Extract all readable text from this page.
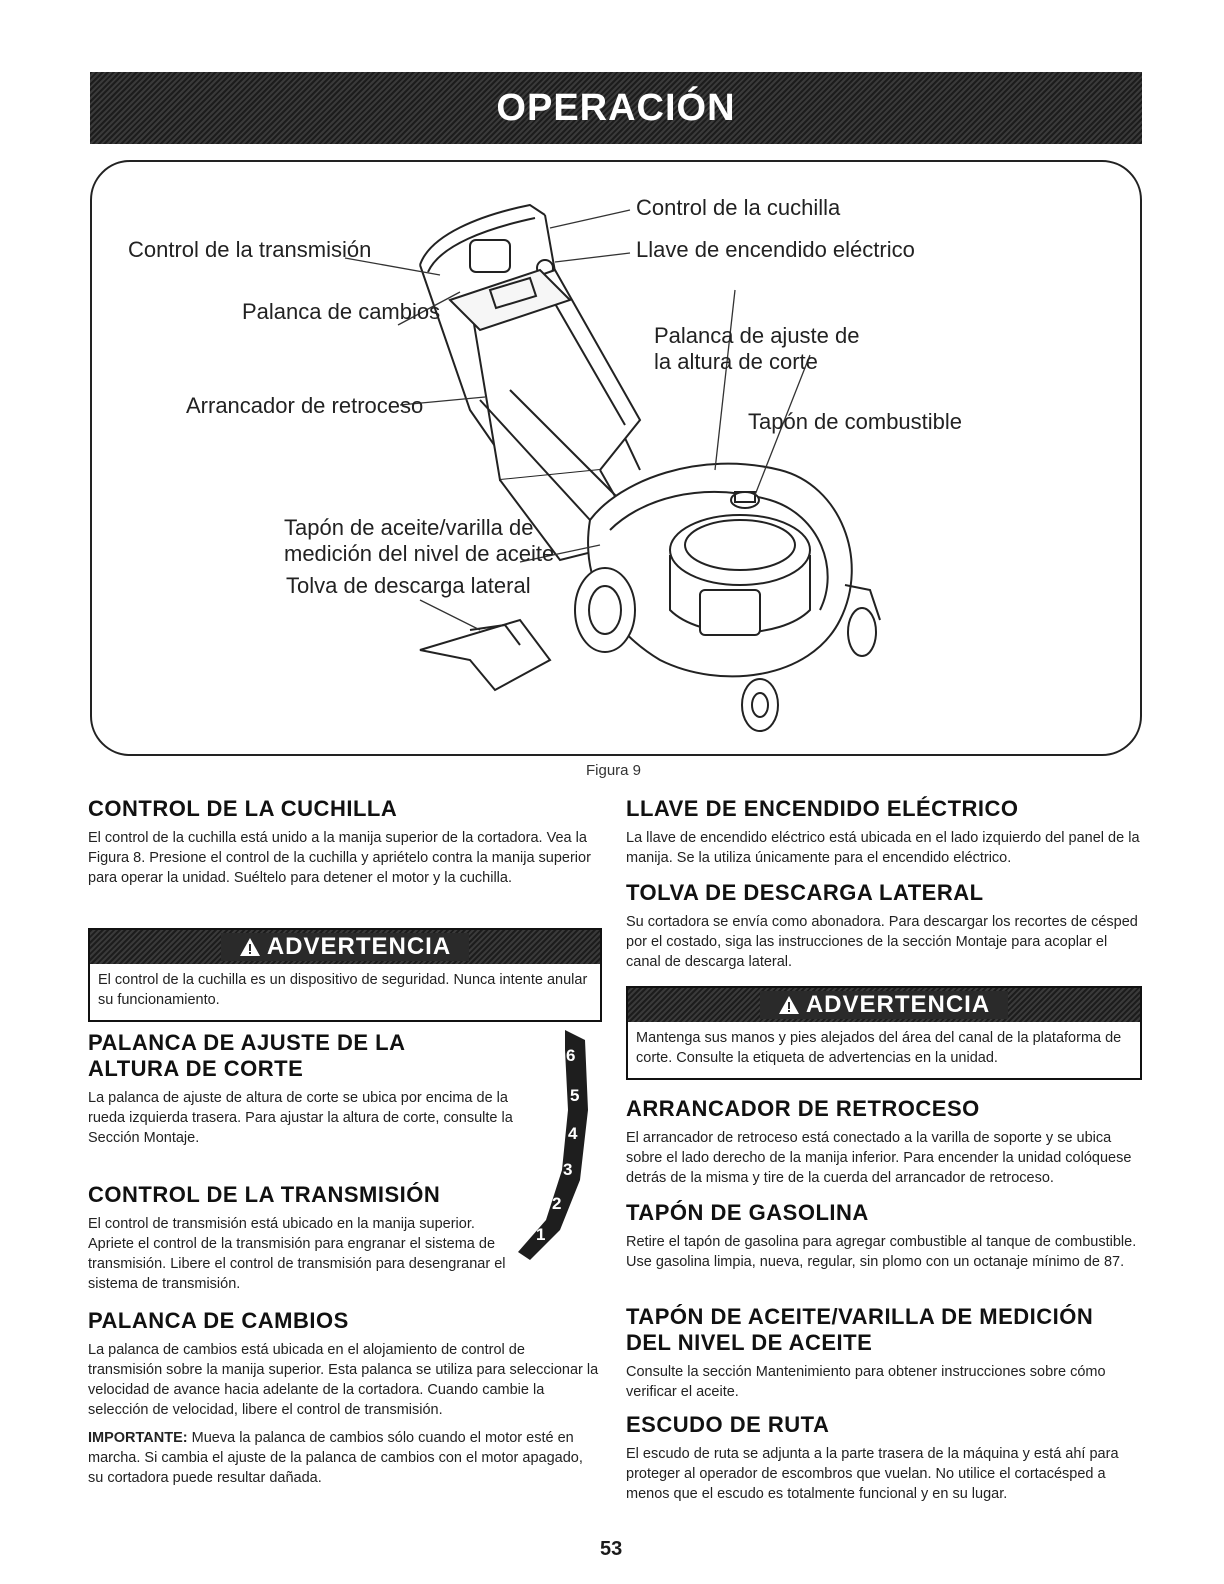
OPERACIÓN
Control de la cuchilla
Control de la transmisión	Llave de encendido eléctrico
Palanca de cambios
Palanca de ajuste de
la altura de corte
Arrancador de retroceso
Tapón de combustible
Tapón de aceite/varilla de
medición del nivel de aceite
Tolva de descarga lateral
Figura 9
CONTROL DE LA CUCHILLA

El control de la cuchilla está unido a la manija superior de la cortadora. Vea la Figura 8. Presione el control de la cuchilla y apriételo contra la manija superior para operar la unidad. Suéltelo para detener el motor y la cuchilla.

ADVERTENCIA
El control de la cuchilla es un dispositivo de seguridad. Nunca intente anular su funcionamiento.
PALANCA DE AJUSTE DE LA
ALTURA DE CORTE

La palanca de ajuste de altura de corte se ubica por encima de la rueda izquierda trasera. Para ajustar la altura de corte, consulte la Sección Montaje.

6
5
4
3
2
1
CONTROL DE LA TRANSMISIÓN

El control de transmisión está ubicado en la manija superior. Apriete el control de la transmisión para engranar el sistema de transmisión. Libere el control de transmisión para desengranar el sistema de transmisión.

PALANCA DE CAMBIOS

La palanca de cambios está ubicada en el alojamiento de control de transmisión sobre la manija superior. Esta palanca se utiliza para seleccionar la velocidad de avance hacia adelante de la cortadora. Cuando cambie la selección de velocidad, libere el control de transmisión.

IMPORTANTE: Mueva la palanca de cambios sólo cuando el motor esté en marcha. Si cambia el ajuste de la palanca de cambios con el motor apagado, su cortadora puede resultar dañada.

LLAVE DE ENCENDIDO ELÉCTRICO

La llave de encendido eléctrico está ubicada en el lado izquierdo del panel de la manija. Se la utiliza únicamente para el encendido eléctrico.

TOLVA DE DESCARGA LATERAL

Su cortadora se envía como abonadora. Para descargar los recortes de césped por el costado, siga las instrucciones de la sección Montaje para acoplar el canal de descarga lateral.

ADVERTENCIA
Mantenga sus manos y pies alejados del área del canal de la plataforma de corte. Consulte la etiqueta de advertencias en la unidad.
ARRANCADOR DE RETROCESO

El arrancador de retroceso está conectado a la varilla de soporte y se ubica sobre el lado derecho de la manija inferior. Para encender la unidad colóquese detrás de la misma y tire de la cuerda del arrancador de retroceso.

TAPÓN DE GASOLINA

Retire el tapón de gasolina para agregar combustible al tanque de combustible. Use gasolina limpia, nueva, regular, sin plomo con un octanaje mínimo de 87.

TAPÓN DE ACEITE/VARILLA DE MEDICIÓN
DEL NIVEL DE ACEITE

Consulte la sección Mantenimiento para obtener instrucciones sobre cómo verificar el aceite.

ESCUDO DE RUTA

El escudo de ruta se adjunta a la parte trasera de la máquina y está ahí para proteger al operador de escombros que vuelan. No utilice el cortacésped a menos que el escudo es totalmente funcional y en su lugar.

53
